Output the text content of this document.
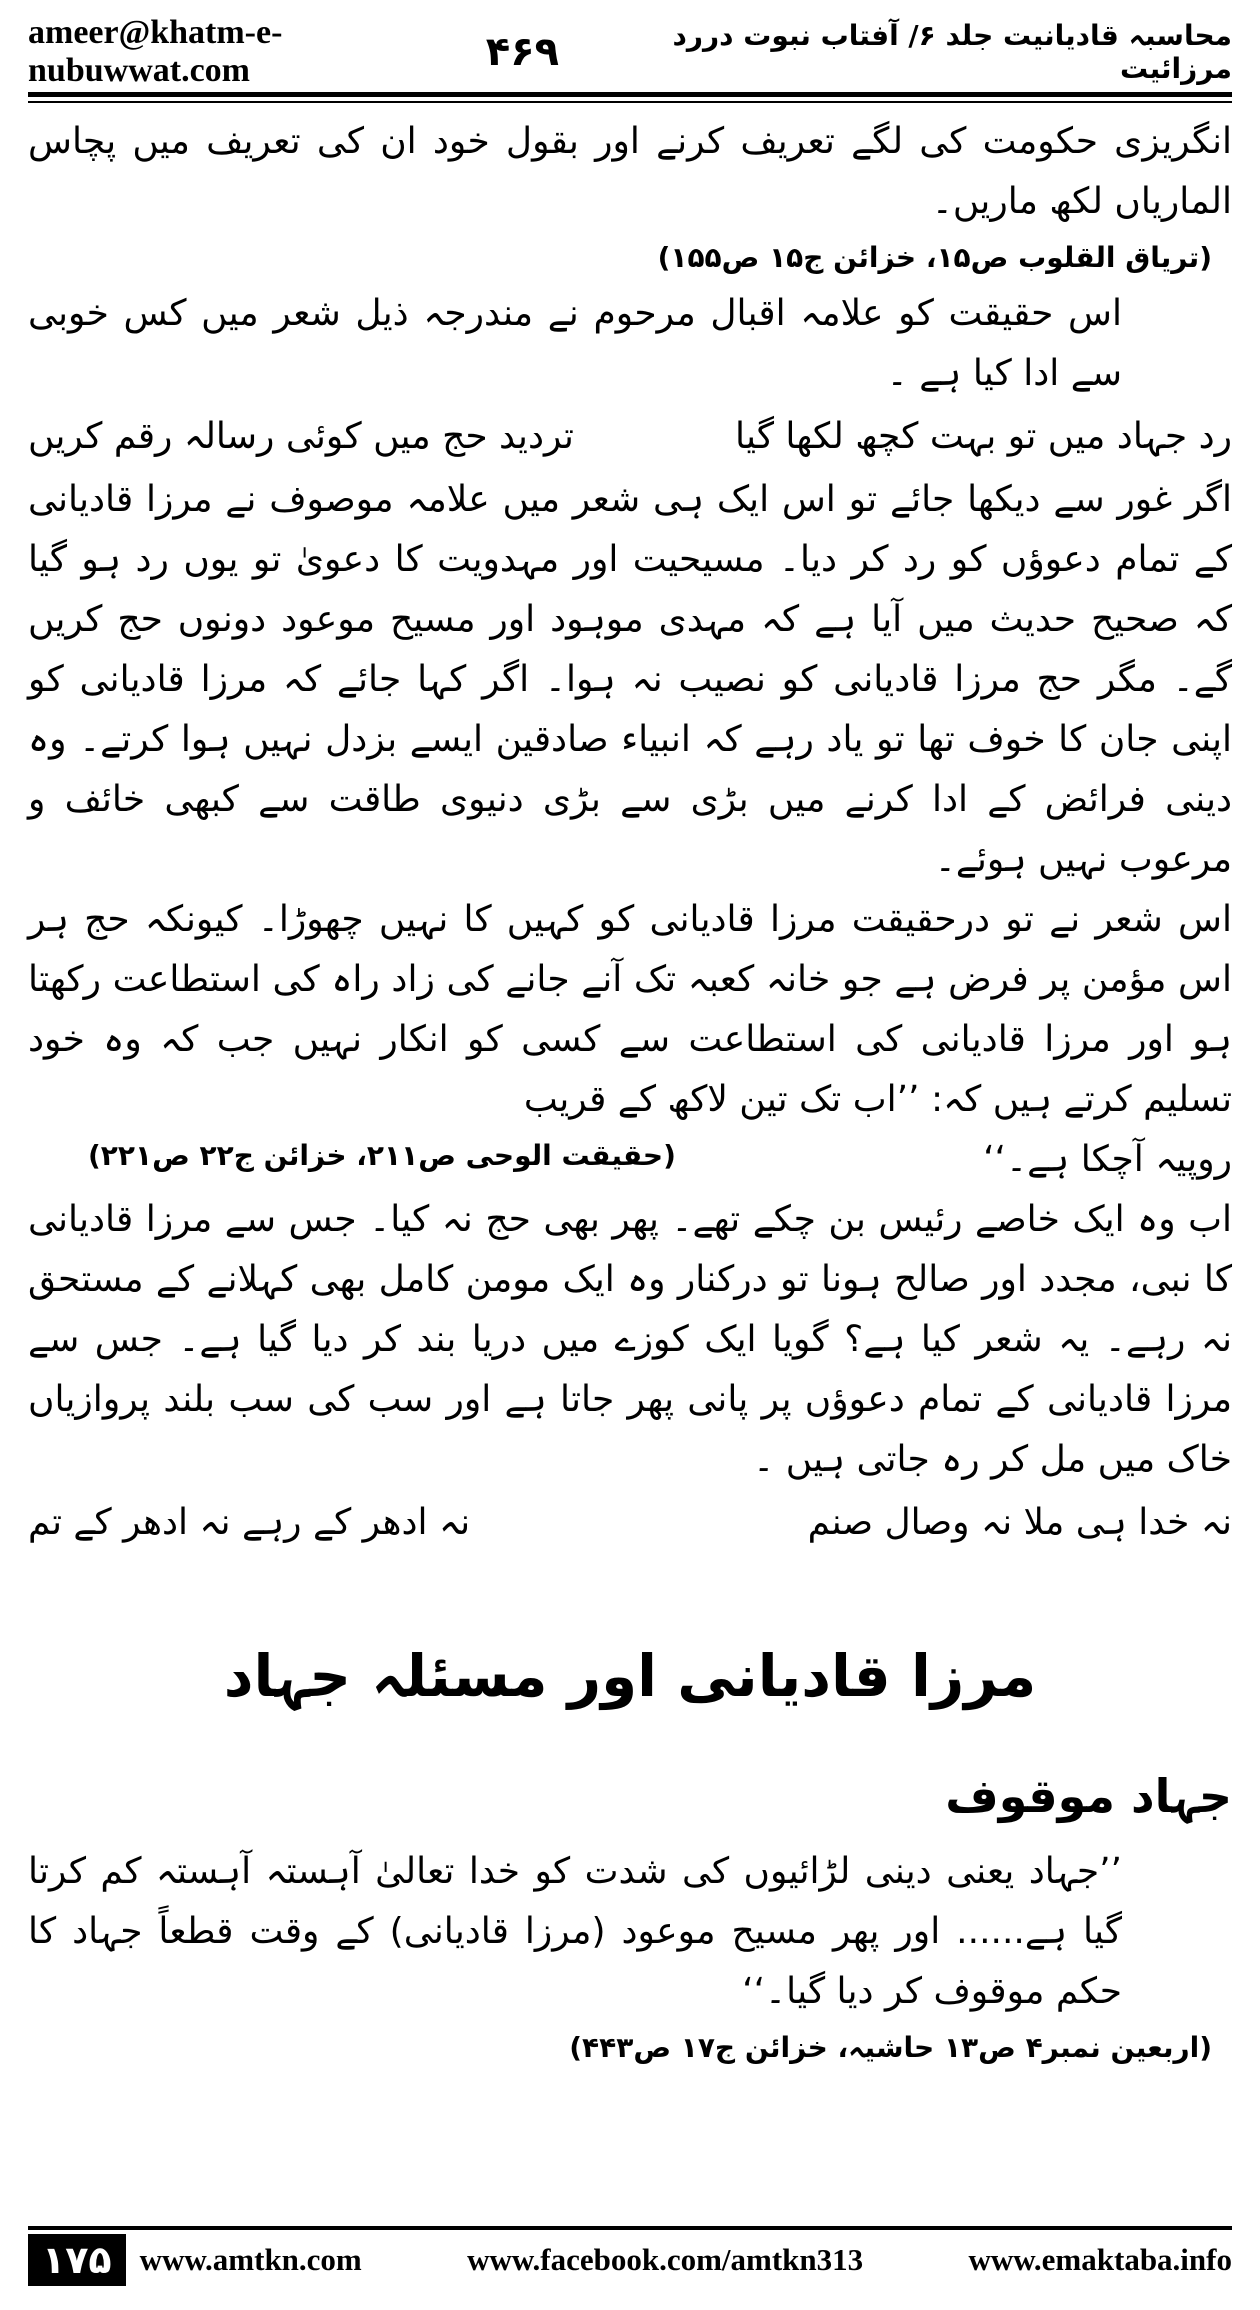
ameer@khatm-e-nubuwwat.com
محاسبہ قادیانیت جلد ۶/ آفتاب نبوت دررد مرزائیت
۴۶۹

انگریزی حکومت کی لگے تعریف کرنے اور بقول خود ان کی تعریف میں پچاس الماریاں لکھ ماریں۔

(تریاق القلوب ص۱۵، خزائن ج۱۵ ص۱۵۵)

اس حقیقت کو علامہ اقبال مرحوم نے مندرجہ ذیل شعر میں کس خوبی سے ادا کیا ہے ۔

رد جہاد میں تو بہت کچھ لکھا گیا
تردید حج میں کوئی رسالہ رقم کریں

اگر غور سے دیکھا جائے تو اس ایک ہی شعر میں علامہ موصوف نے مرزا قادیانی کے تمام دعوؤں کو رد کر دیا۔ مسیحیت اور مہدویت کا دعویٰ تو یوں رد ہو گیا کہ صحیح حدیث میں آیا ہے کہ مہدی موہود اور مسیح موعود دونوں حج کریں گے۔ مگر حج مرزا قادیانی کو نصیب نہ ہوا۔ اگر کہا جائے کہ مرزا قادیانی کو اپنی جان کا خوف تھا تو یاد رہے کہ انبیاء صادقین ایسے بزدل نہیں ہوا کرتے۔ وہ دینی فرائض کے ادا کرنے میں بڑی سے بڑی دنیوی طاقت سے کبھی خائف و مرعوب نہیں ہوئے۔

اس شعر نے تو درحقیقت مرزا قادیانی کو کہیں کا نہیں چھوڑا۔ کیونکہ حج ہر اس مؤمن پر فرض ہے جو خانہ کعبہ تک آنے جانے کی زاد راہ کی استطاعت رکھتا ہو اور مرزا قادیانی کی استطاعت سے کسی کو انکار نہیں جب کہ وہ خود تسلیم کرتے ہیں کہ: ’’اب تک تین لاکھ کے قریب

روپیہ آچکا ہے۔‘‘
(حقیقت الوحی ص۲۱۱، خزائن ج۲۲ ص۲۲۱)

اب وہ ایک خاصے رئیس بن چکے تھے۔ پھر بھی حج نہ کیا۔ جس سے مرزا قادیانی کا نبی، مجدد اور صالح ہونا تو درکنار وہ ایک مومن کامل بھی کہلانے کے مستحق نہ رہے۔ یہ شعر کیا ہے؟ گویا ایک کوزے میں دریا بند کر دیا گیا ہے۔ جس سے مرزا قادیانی کے تمام دعوؤں پر پانی پھر جاتا ہے اور سب کی سب بلند پروازیاں خاک میں مل کر رہ جاتی ہیں ۔

نہ خدا ہی ملا نہ وصال صنم
نہ ادھر کے رہے نہ ادھر کے تم
مرزا قادیانی اور مسئلہ جہاد
جہاد موقوف

’’جہاد یعنی دینی لڑائیوں کی شدت کو خدا تعالیٰ آہستہ آہستہ کم کرتا گیا ہے...... اور پھر مسیح موعود (مرزا قادیانی) کے وقت قطعاً جہاد کا حکم موقوف کر دیا گیا۔‘‘

(اربعین نمبر۴ ص۱۳ حاشیہ، خزائن ج۱۷ ص۴۴۳)

۱۷۵ www.amtkn.com	www.facebook.com/amtkn313	www.emaktaba.info
